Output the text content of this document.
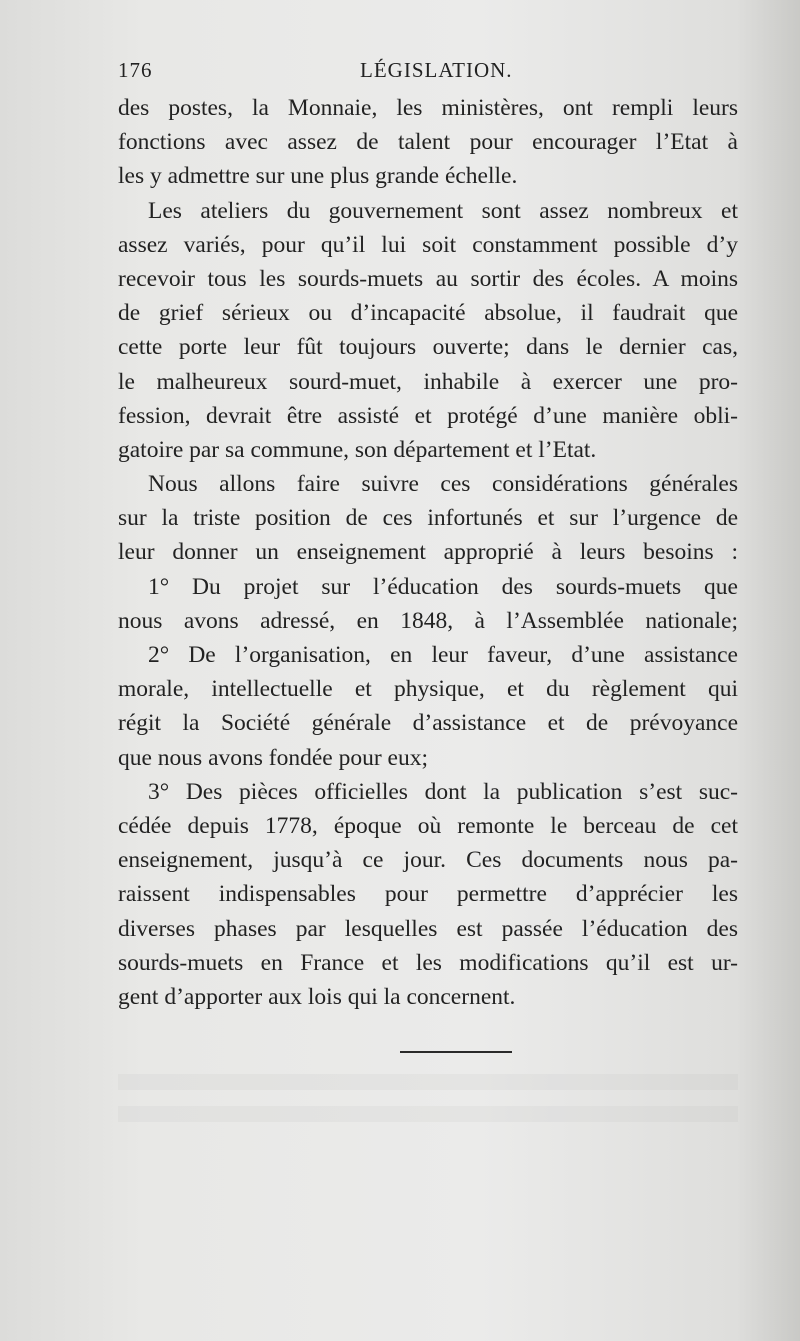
176	LÉGISLATION.
des postes, la Monnaie, les ministères, ont rempli leurs
fonctions avec assez de talent pour encourager l’Etat à
les y admettre sur une plus grande échelle.
Les ateliers du gouvernement sont assez nombreux et
assez variés, pour qu’il lui soit constamment possible d’y
recevoir tous les sourds-muets au sortir des écoles. A moins
de grief sérieux ou d’incapacité absolue, il faudrait que
cette porte leur fût toujours ouverte; dans le dernier cas,
le malheureux sourd-muet, inhabile à exercer une pro-
fession, devrait être assisté et protégé d’une manière obli-
gatoire par sa commune, son département et l’Etat.
Nous allons faire suivre ces considérations générales
sur la triste position de ces infortunés et sur l’urgence de
leur donner un enseignement approprié à leurs besoins :
1° Du projet sur l’éducation des sourds-muets que
nous avons adressé, en 1848, à l’Assemblée nationale;
2° De l’organisation, en leur faveur, d’une assistance
morale, intellectuelle et physique, et du règlement qui
régit la Société générale d’assistance et de prévoyance
que nous avons fondée pour eux;
3° Des pièces officielles dont la publication s’est suc-
cédée depuis 1778, époque où remonte le berceau de cet
enseignement, jusqu’à ce jour. Ces documents nous pa-
raissent indispensables pour permettre d’apprécier les
diverses phases par lesquelles est passée l’éducation des
sourds-muets en France et les modifications qu’il est ur-
gent d’apporter aux lois qui la concernent.
